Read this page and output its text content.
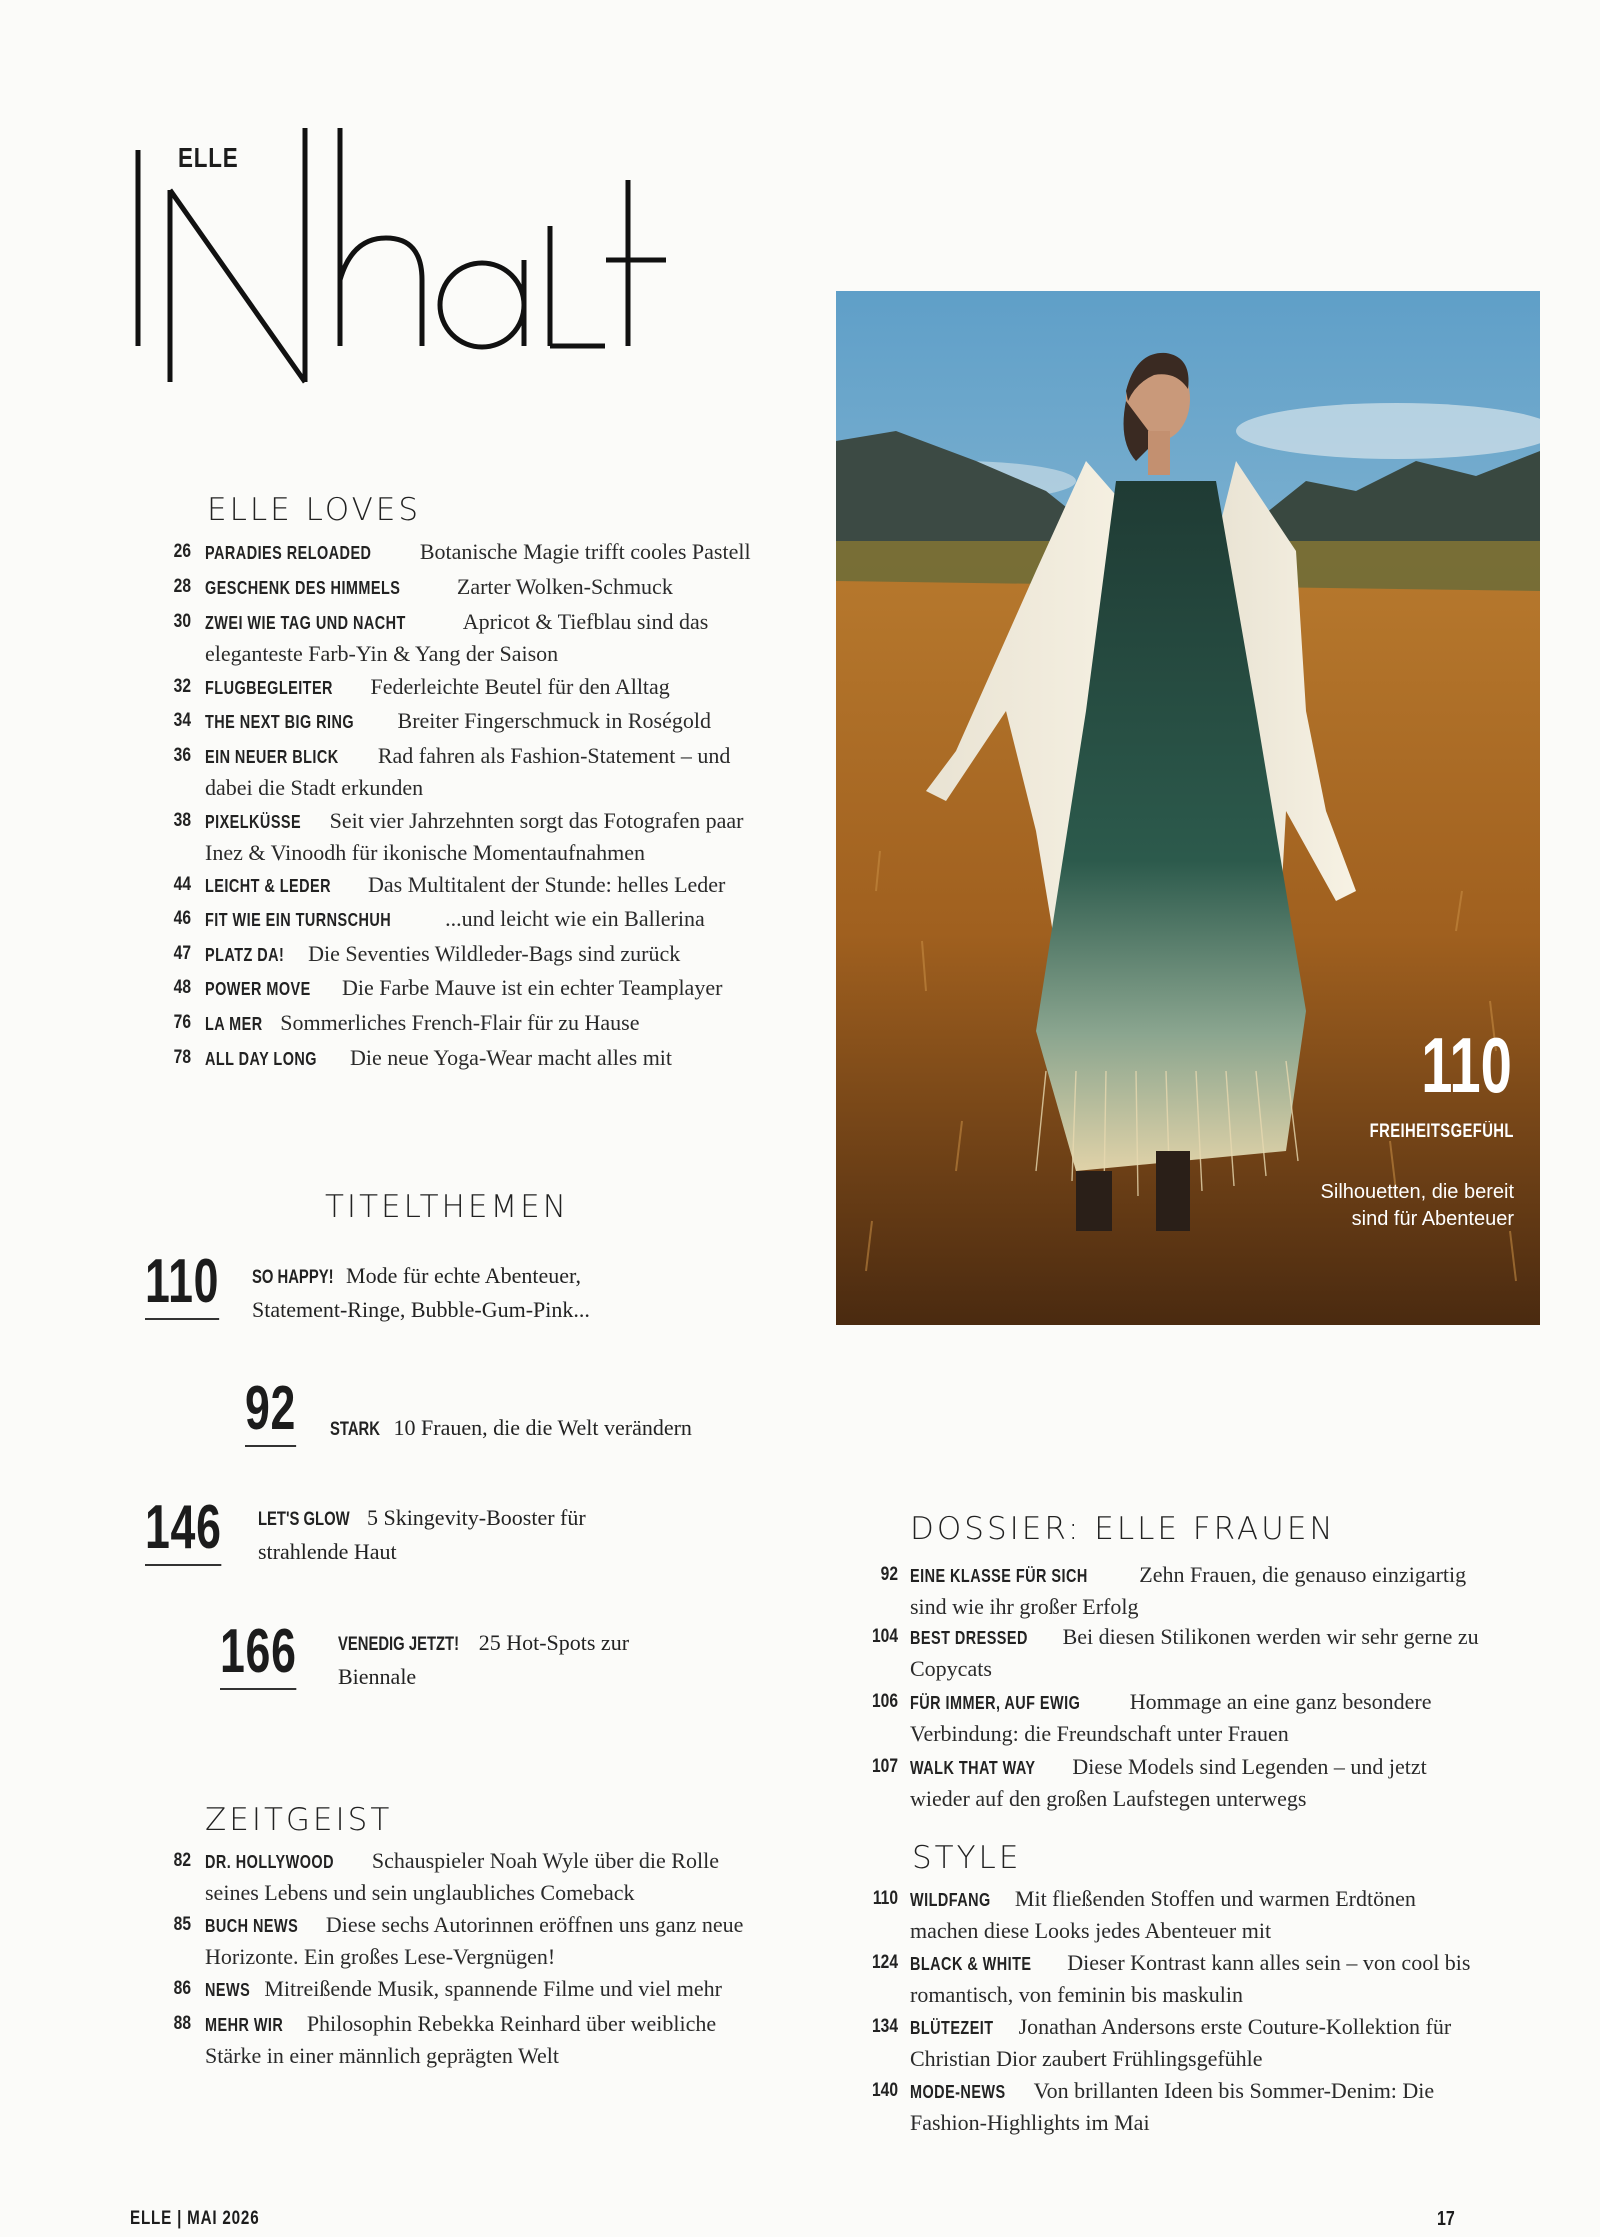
ELLE
ELLE LOVES
26 PARADIES RELOADED Botanische Magie trifft cooles Pastell
28 GESCHENK DES HIMMELS	Zarter Wolken-Schmuck
30 ZWEI WIE TAG UND NACHT	Apricot & Tiefblau sind das eleganteste Farb-Yin & Yang der Saison
32 FLUGBEGLEITER Federleichte Beutel für den Alltag
34 THE NEXT BIG RING Breiter Fingerschmuck in Roségold
36 EIN NEUER BLICK Rad fahren als Fashion-Statement – und dabei die Stadt erkunden
38 PIXELKÜSSE Seit vier Jahrzehnten sorgt das Fotografen paar Inez & Vinoodh für ikonische Momentaufnahmen
44 LEICHT & LEDER Das Multitalent der Stunde: helles Leder
46 FIT WIE EIN TURNSCHUH ...und leicht wie ein Ballerina
47 PLATZ DA! Die Seventies Wildleder-Bags sind zurück
48 POWER MOVE Die Farbe Mauve ist ein echter Teamplayer
76 LA MER Sommerliches French-Flair für zu Hause
78 ALL DAY LONG Die neue Yoga-Wear macht alles mit
TITELTHEMEN
110 SO HAPPY! Mode für echte Abenteuer, Statement-Ringe, Bubble-Gum-Pink...
92 STARK 10 Frauen, die die Welt verändern
146 LET'S GLOW 5 Skingevity-Booster für strahlende Haut
166 VENEDIG JETZT! 25 Hot-Spots zur Biennale
ZEITGEIST
82 DR. HOLLYWOOD Schauspieler Noah Wyle über die Rolle seines Lebens und sein unglaubliches Comeback
85 BUCH NEWS Diese sechs Autorinnen eröffnen uns ganz neue Horizonte. Ein großes Lese-Vergnügen!
86 NEWS Mitreißende Musik, spannende Filme und viel mehr
88 MEHR WIR Philosophin Rebekka Reinhard über weibliche Stärke in einer männlich geprägten Welt
110
FREIHEITSGEFÜHL
Silhouetten, die bereit sind für Abenteuer
DOSSIER: ELLE FRAUEN
92 EINE KLASSE FÜR SICH Zehn Frauen, die genauso einzigartig sind wie ihr großer Erfolg
104 BEST DRESSED Bei diesen Stilikonen werden wir sehr gerne zu Copycats
106 FÜR IMMER, AUF EWIG Hommage an eine ganz besondere Verbindung: die Freundschaft unter Frauen
107 WALK THAT WAY Diese Models sind Legenden – und jetzt wieder auf den großen Laufstegen unterwegs
STYLE
110 WILDFANG Mit fließenden Stoffen und warmen Erdtönen machen diese Looks jedes Abenteuer mit
124 BLACK & WHITE Dieser Kontrast kann alles sein – von cool bis romantisch, von feminin bis maskulin
134 BLÜTEZEIT Jonathan Andersons erste Couture-Kollektion für Christian Dior zaubert Frühlingsgefühle
140 MODE-NEWS Von brillanten Ideen bis Sommer-Denim: Die Fashion-Highlights im Mai
ELLE | MAI 2026	17
